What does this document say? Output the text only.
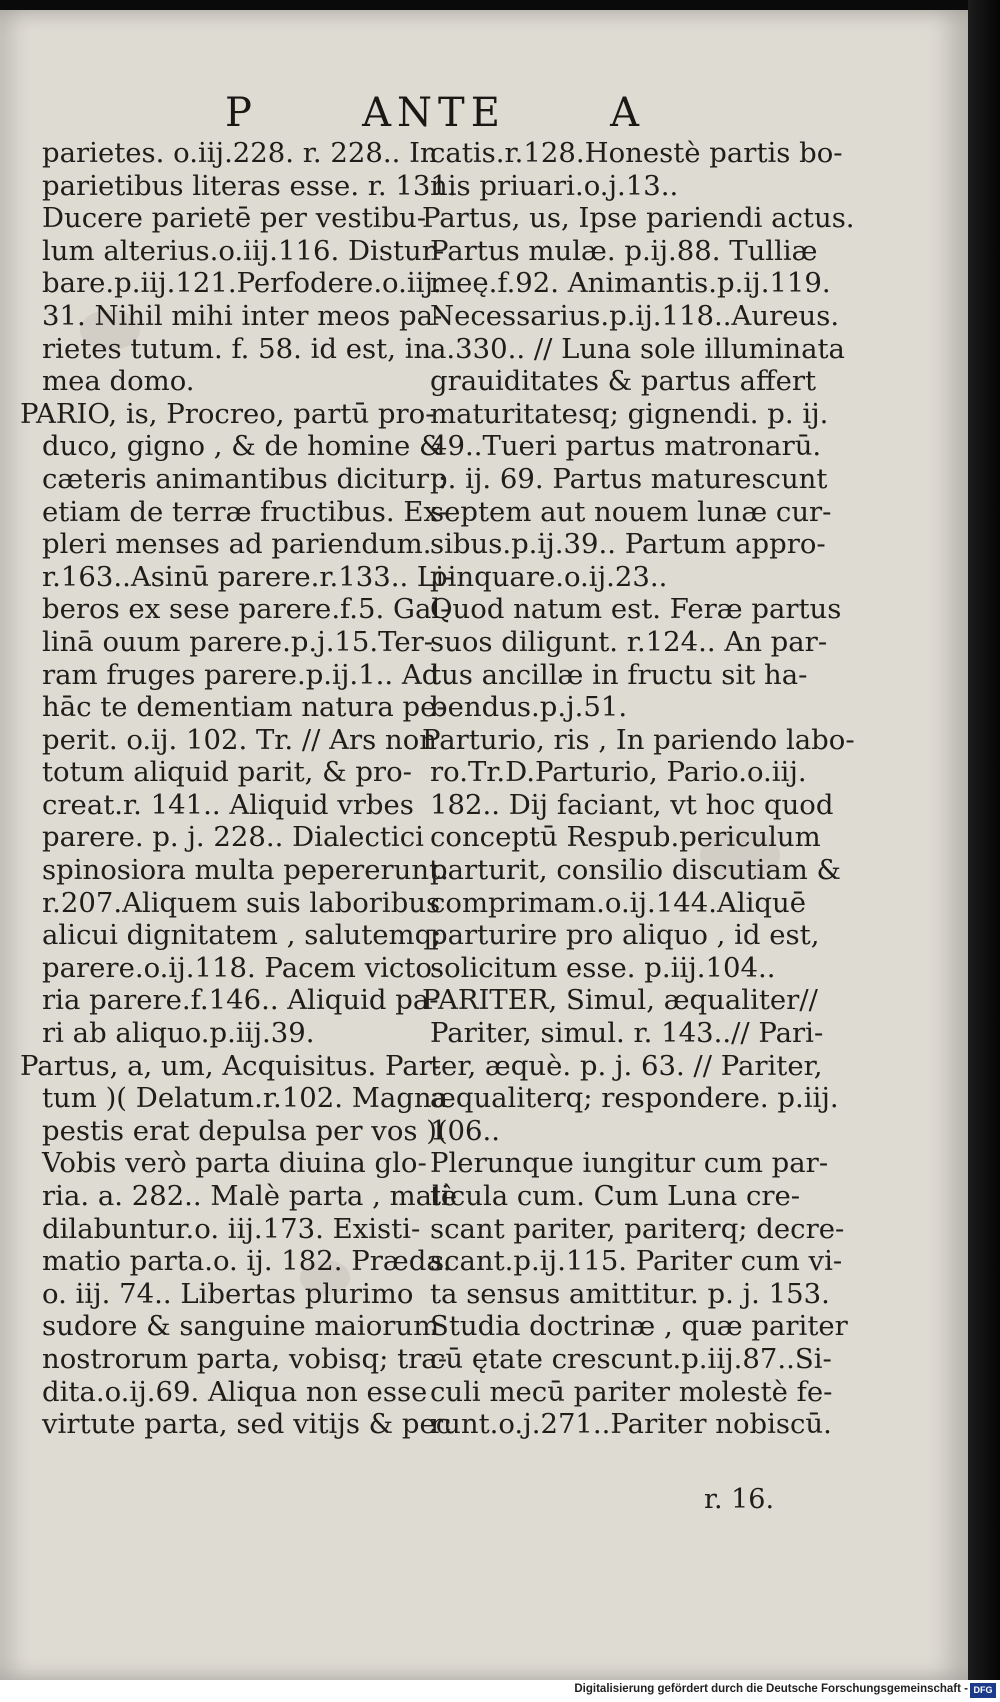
P	ANTE	A
parietes. o.iij.228. r. 228.. In
parietibus literas esse. r. 131.
Ducere parietē per vestibu-
lum alterius.o.iij.116. Distur-
bare.p.iij.121.Perfodere.o.iij.
31. Nihil mihi inter meos pa-
rietes tutum. f. 58. id est, in
mea domo.
PARIO, is, Procreo, partū pro-
duco, gigno , & de homine &
cæteris animantibus dicitur :
etiam de terræ fructibus. Ex-
pleri menses ad pariendum.
r.163..Asinū parere.r.133.. Li-
beros ex sese parere.f.5. Gal-
linā ouum parere.p.j.15.Ter-
ram fruges parere.p.ij.1.. Ad
hāc te dementiam natura pe-
perit. o.ij. 102. Tr. // Ars non
totum aliquid parit, & pro-
creat.r. 141.. Aliquid vrbes
parere. p. j. 228.. Dialectici
spinosiora multa pepererunt.
r.207.Aliquem suis laboribus
alicui dignitatem , salutemq;
parere.o.ij.118. Pacem victo-
ria parere.f.146.. Aliquid pa-
ri ab aliquo.p.iij.39.
Partus, a, um, Acquisitus. Par-
tum )( Delatum.r.102. Magna
pestis erat depulsa per vos )(
Vobis verò parta diuina glo-
ria. a. 282.. Malè parta , malè
dilabuntur.o. iij.173. Existi-
matio parta.o. ij. 182. Præda.
o. iij. 74.. Libertas plurimo
sudore & sanguine maiorum
nostrorum parta, vobisq; tra-
dita.o.ij.69. Aliqua non esse
virtute parta, sed vitijs & pec
catis.r.128.Honestè partis bo-
nis priuari.o.j.13..
Partus, us, Ipse pariendi actus.
Partus mulæ. p.ij.88. Tulliæ
meę.f.92. Animantis.p.ij.119.
Necessarius.p.ij.118..Aureus.
a.330.. // Luna sole illuminata
grauiditates & partus affert
maturitatesq; gignendi. p. ij.
49..Tueri partus matronarū.
p. ij. 69. Partus maturescunt
septem aut nouem lunæ cur-
sibus.p.ij.39.. Partum appro-
pinquare.o.ij.23..
Quod natum est. Feræ partus
suos diligunt. r.124.. An par-
tus ancillæ in fructu sit ha-
bendus.p.j.51.
Parturio, ris , In pariendo labo-
ro.Tr.D.Parturio, Pario.o.iij.
182.. Dij faciant, vt hoc quod
conceptū Respub.periculum
parturit, consilio discutiam &
comprimam.o.ij.144.Aliquē
parturire pro aliquo , id est,
solicitum esse. p.iij.104..
PARITER, Simul, æqualiter//
Pariter, simul. r. 143..// Pari-
ter, æquè. p. j. 63. // Pariter,
æqualiterq; respondere. p.iij.
106..
Plerunque iungitur cum par-
ticula cum. Cum Luna cre-
scant pariter, pariterq; decre-
scant.p.ij.115. Pariter cum vi-
ta sensus amittitur. p. j. 153.
Studia doctrinæ , quæ pariter
cū ętate crescunt.p.iij.87..Si-
culi mecū pariter molestè fe-
runt.o.j.271..Pariter nobiscū.
r. 16.
Digitalisierung gefördert durch die Deutsche Forschungsgemeinschaft - DFG
